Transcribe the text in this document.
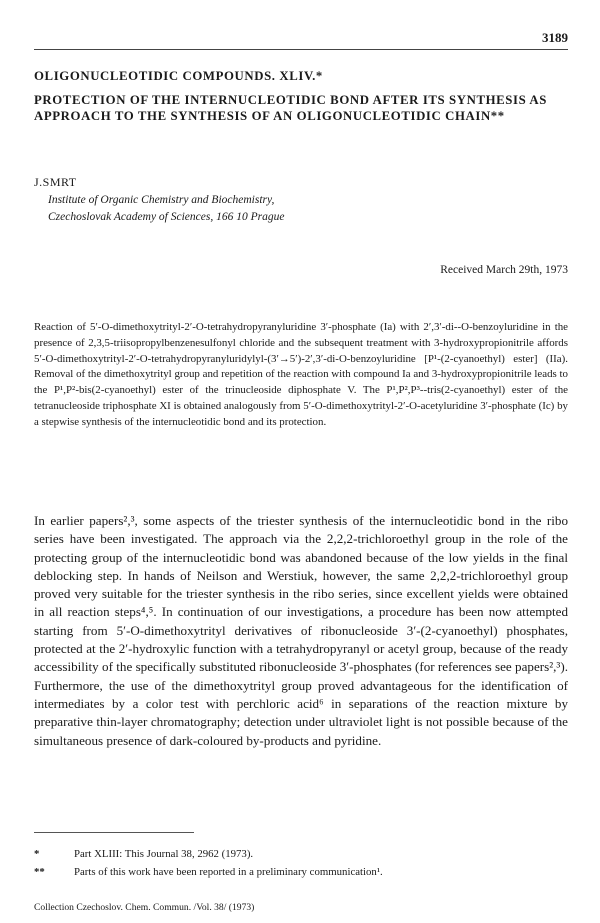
3189
OLIGONUCLEOTIDIC COMPOUNDS. XLIV.*
PROTECTION OF THE INTERNUCLEOTIDIC BOND AFTER ITS SYNTHESIS AS APPROACH TO THE SYNTHESIS OF AN OLIGONUCLEOTIDIC CHAIN**
J.SMRT
Institute of Organic Chemistry and Biochemistry,
Czechoslovak Academy of Sciences, 166 10 Prague
Received March 29th, 1973

Reaction of 5′-O-dimethoxytrityl-2′-O-tetrahydropyranyluridine 3′-phosphate (Ia) with 2′,3′-di--O-benzoyluridine in the presence of 2,3,5-triisopropylbenzenesulfonyl chloride and the subsequent treatment with 3-hydroxypropionitrile affords 5′-O-dimethoxytrityl-2′-O-tetrahydropyranyluridylyl-(3′→5′)-2′,3′-di-O-benzoyluridine [P¹-(2-cyanoethyl) ester] (IIa). Removal of the dimethoxytrityl group and repetition of the reaction with compound Ia and 3-hydroxypropionitrile leads to the P¹,P²-bis(2-cyanoethyl) ester of the trinucleoside diphosphate V. The P¹,P²,P³--tris(2-cyanoethyl) ester of the tetranucleoside triphosphate XI is obtained analogously from 5′-O-dimethoxytrityl-2′-O-acetyluridine 3′-phosphate (Ic) by a stepwise synthesis of the internucleotidic bond and its protection.

In earlier papers²,³, some aspects of the triester synthesis of the internucleotidic bond in the ribo series have been investigated. The approach via the 2,2,2-trichloroethyl group in the role of the protecting group of the internucleotidic bond was abandoned because of the low yields in the final deblocking step. In hands of Neilson and Werstiuk, however, the same 2,2,2-trichloroethyl group proved very suitable for the triester synthesis in the ribo series, since excellent yields were obtained in all reaction steps⁴,⁵. In continuation of our investigations, a procedure has been now attempted starting from 5′-O-dimethoxytrityl derivatives of ribonucleoside 3′-(2-cyanoethyl) phosphates, protected at the 2′-hydroxylic function with a tetrahydropyranyl or acetyl group, because of the ready accessibility of the specifically substituted ribonucleoside 3′-phosphates (for references see papers²,³). Furthermore, the use of the dimethoxytrityl group proved advantageous for the identification of intermediates by a color test with perchloric acid⁶ in separations of the reaction mixture by preparative thin-layer chromatography; detection under ultraviolet light is not possible because of the simultaneous presence of dark-coloured by-products and pyridine.

*	Part XLIII: This Journal 38, 2962 (1973).
**	Parts of this work have been reported in a preliminary communication¹.
Collection Czechoslov. Chem. Commun. /Vol. 38/ (1973)
